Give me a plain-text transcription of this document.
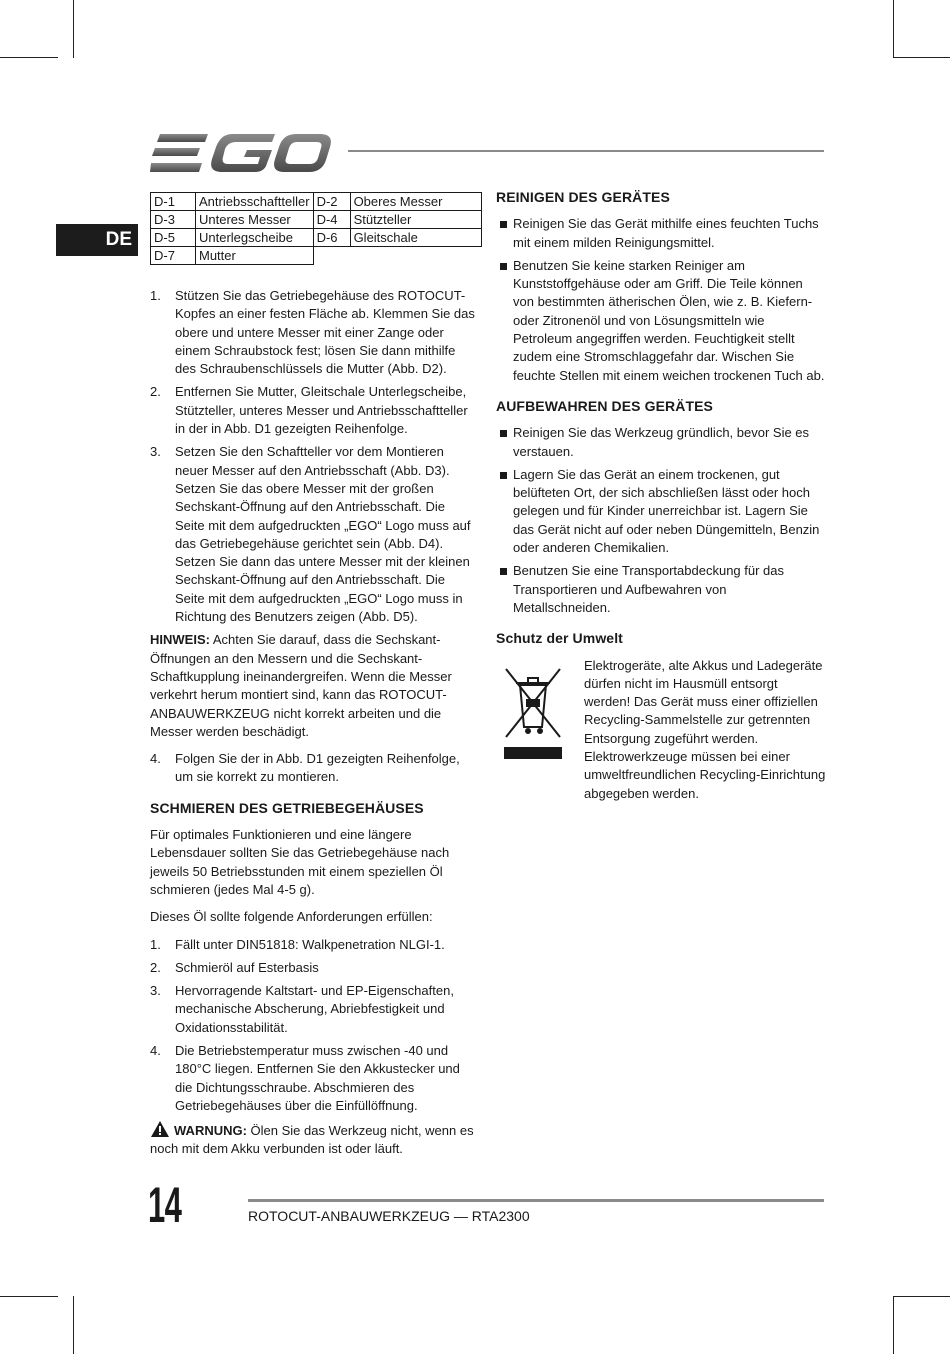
DE
D-1	Antriebsschaftteller	D-2	Oberes Messer
D-3	Unteres Messer	D-4	Stützteller
D-5	Unterlegscheibe	D-6	Gleitschale
D-7	Mutter		
1. Stützen Sie das Getriebegehäuse des ROTOCUT-Kopfes an einer festen Fläche ab. Klemmen Sie das obere und untere Messer mit einer Zange oder einem Schraubstock fest; lösen Sie dann mithilfe des Schraubenschlüssels die Mutter (Abb. D2).
2. Entfernen Sie Mutter, Gleitschale Unterlegscheibe, Stützteller, unteres Messer und Antriebsschaftteller in der in Abb. D1 gezeigten Reihenfolge.
3. Setzen Sie den Schaftteller vor dem Montieren neuer Messer auf den Antriebsschaft (Abb. D3). Setzen Sie das obere Messer mit der großen Sechskant-Öffnung auf den Antriebsschaft. Die Seite mit dem aufgedruckten „EGO“ Logo muss auf das Getriebegehäuse gerichtet sein (Abb. D4). Setzen Sie dann das untere Messer mit der kleinen Sechskant-Öffnung auf den Antriebsschaft. Die Seite mit dem aufgedruckten „EGO“ Logo muss in Richtung des Benutzers zeigen (Abb. D5).

HINWEIS: Achten Sie darauf, dass die Sechskant-Öffnungen an den Messern und die Sechskant-Schaftkupplung ineinandergreifen. Wenn die Messer verkehrt herum montiert sind, kann das ROTOCUT-ANBAUWERKZEUG nicht korrekt arbeiten und die Messer werden beschädigt.

4. Folgen Sie der in Abb. D1 gezeigten Reihenfolge, um sie korrekt zu montieren.
SCHMIEREN DES GETRIEBEGEHÄUSES

Für optimales Funktionieren und eine längere Lebensdauer sollten Sie das Getriebegehäuse nach jeweils 50 Betriebsstunden mit einem speziellen Öl schmieren (jedes Mal 4-5 g).

Dieses Öl sollte folgende Anforderungen erfüllen:

1. Fällt unter DIN51818: Walkpenetration NLGI-1.
2. Schmieröl auf Esterbasis
3. Hervorragende Kaltstart- und EP-Eigenschaften, mechanische Abscherung, Abriebfestigkeit und Oxidationsstabilität.
4. Die Betriebstemperatur muss zwischen -40 und 180°C liegen. Entfernen Sie den Akkustecker und die Dichtungsschraube. Abschmieren des Getriebegehäuses über die Einfüllöffnung.

WARNUNG: Ölen Sie das Werkzeug nicht, wenn es noch mit dem Akku verbunden ist oder läuft.

REINIGEN DES GERÄTES
Reinigen Sie das Gerät mithilfe eines feuchten Tuchs mit einem milden Reinigungsmittel.
Benutzen Sie keine starken Reiniger am Kunststoffgehäuse oder am Griff. Die Teile können von bestimmten ätherischen Ölen, wie z. B. Kiefern- oder Zitronenöl und von Lösungsmitteln wie Petroleum angegriffen werden. Feuchtigkeit stellt zudem eine Stromschlaggefahr dar. Wischen Sie feuchte Stellen mit einem weichen trockenen Tuch ab.
AUFBEWAHREN DES GERÄTES
Reinigen Sie das Werkzeug gründlich, bevor Sie es verstauen.
Lagern Sie das Gerät an einem trockenen, gut belüfteten Ort, der sich abschließen lässt oder hoch gelegen und für Kinder unerreichbar ist. Lagern Sie das Gerät nicht auf oder neben Düngemitteln, Benzin oder anderen Chemikalien.
Benutzen Sie eine Transportabdeckung für das Transportieren und Aufbewahren von Metallschneiden.
Schutz der Umwelt
Elektrogeräte, alte Akkus und Ladegeräte dürfen nicht im Hausmüll entsorgt werden! Das Gerät muss einer offiziellen Recycling-Sammelstelle zur getrennten Entsorgung zugeführt werden. Elektrowerkzeuge müssen bei einer umweltfreundlichen Recycling-Einrichtung abgegeben werden.
14	ROTOCUT-ANBAUWERKZEUG — RTA2300
